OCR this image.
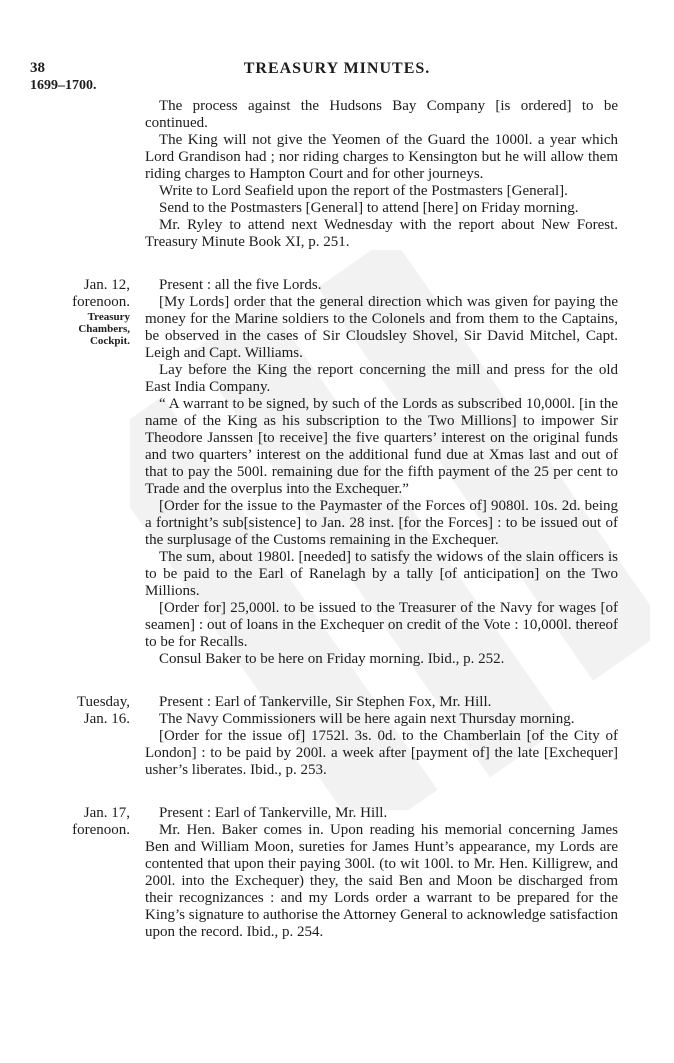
38	TREASURY MINUTES.
1699–1700.

The process against the Hudsons Bay Company [is ordered] to be continued.

The King will not give the Yeomen of the Guard the 1000l. a year which Lord Grandison had ; nor riding charges to Kensington but he will allow them riding charges to Hampton Court and for other journeys.

Write to Lord Seafield upon the report of the Postmasters [General].

Send to the Postmasters [General] to attend [here] on Friday morning.

Mr. Ryley to attend next Wednesday with the report about New Forest. Treasury Minute Book XI, p. 251.

Jan. 12,
forenoon.
Treasury
Chambers,
Cockpit.

Present : all the five Lords.

[My Lords] order that the general direction which was given for paying the money for the Marine soldiers to the Colonels and from them to the Captains, be observed in the cases of Sir Cloudsley Shovel, Sir David Mitchel, Capt. Leigh and Capt. Williams.

Lay before the King the report concerning the mill and press for the old East India Company.

“ A warrant to be signed, by such of the Lords as subscribed 10,000l. [in the name of the King as his subscription to the Two Millions] to impower Sir Theodore Janssen [to receive] the five quarters’ interest on the original funds and two quarters’ interest on the additional fund due at Xmas last and out of that to pay the 500l. remaining due for the fifth payment of the 25 per cent to Trade and the overplus into the Exchequer.”

[Order for the issue to the Paymaster of the Forces of] 9080l. 10s. 2d. being a fortnight’s sub[sistence] to Jan. 28 inst. [for the Forces] : to be issued out of the surplusage of the Customs remaining in the Exchequer.

The sum, about 1980l. [needed] to satisfy the widows of the slain officers is to be paid to the Earl of Ranelagh by a tally [of anticipation] on the Two Millions.

[Order for] 25,000l. to be issued to the Treasurer of the Navy for wages [of seamen] : out of loans in the Exchequer on credit of the Vote : 10,000l. thereof to be for Recalls.

Consul Baker to be here on Friday morning. Ibid., p. 252.

Tuesday,
Jan. 16.

Present : Earl of Tankerville, Sir Stephen Fox, Mr. Hill.

The Navy Commissioners will be here again next Thursday morning.

[Order for the issue of] 1752l. 3s. 0d. to the Chamberlain [of the City of London] : to be paid by 200l. a week after [payment of] the late [Exchequer] usher’s liberates. Ibid., p. 253.

Jan. 17,
forenoon.

Present : Earl of Tankerville, Mr. Hill.

Mr. Hen. Baker comes in. Upon reading his memorial concerning James Ben and William Moon, sureties for James Hunt’s appearance, my Lords are contented that upon their paying 300l. (to wit 100l. to Mr. Hen. Killigrew, and 200l. into the Exchequer) they, the said Ben and Moon be discharged from their recognizances : and my Lords order a warrant to be prepared for the King’s signature to authorise the Attorney General to acknowledge satisfaction upon the record. Ibid., p. 254.
